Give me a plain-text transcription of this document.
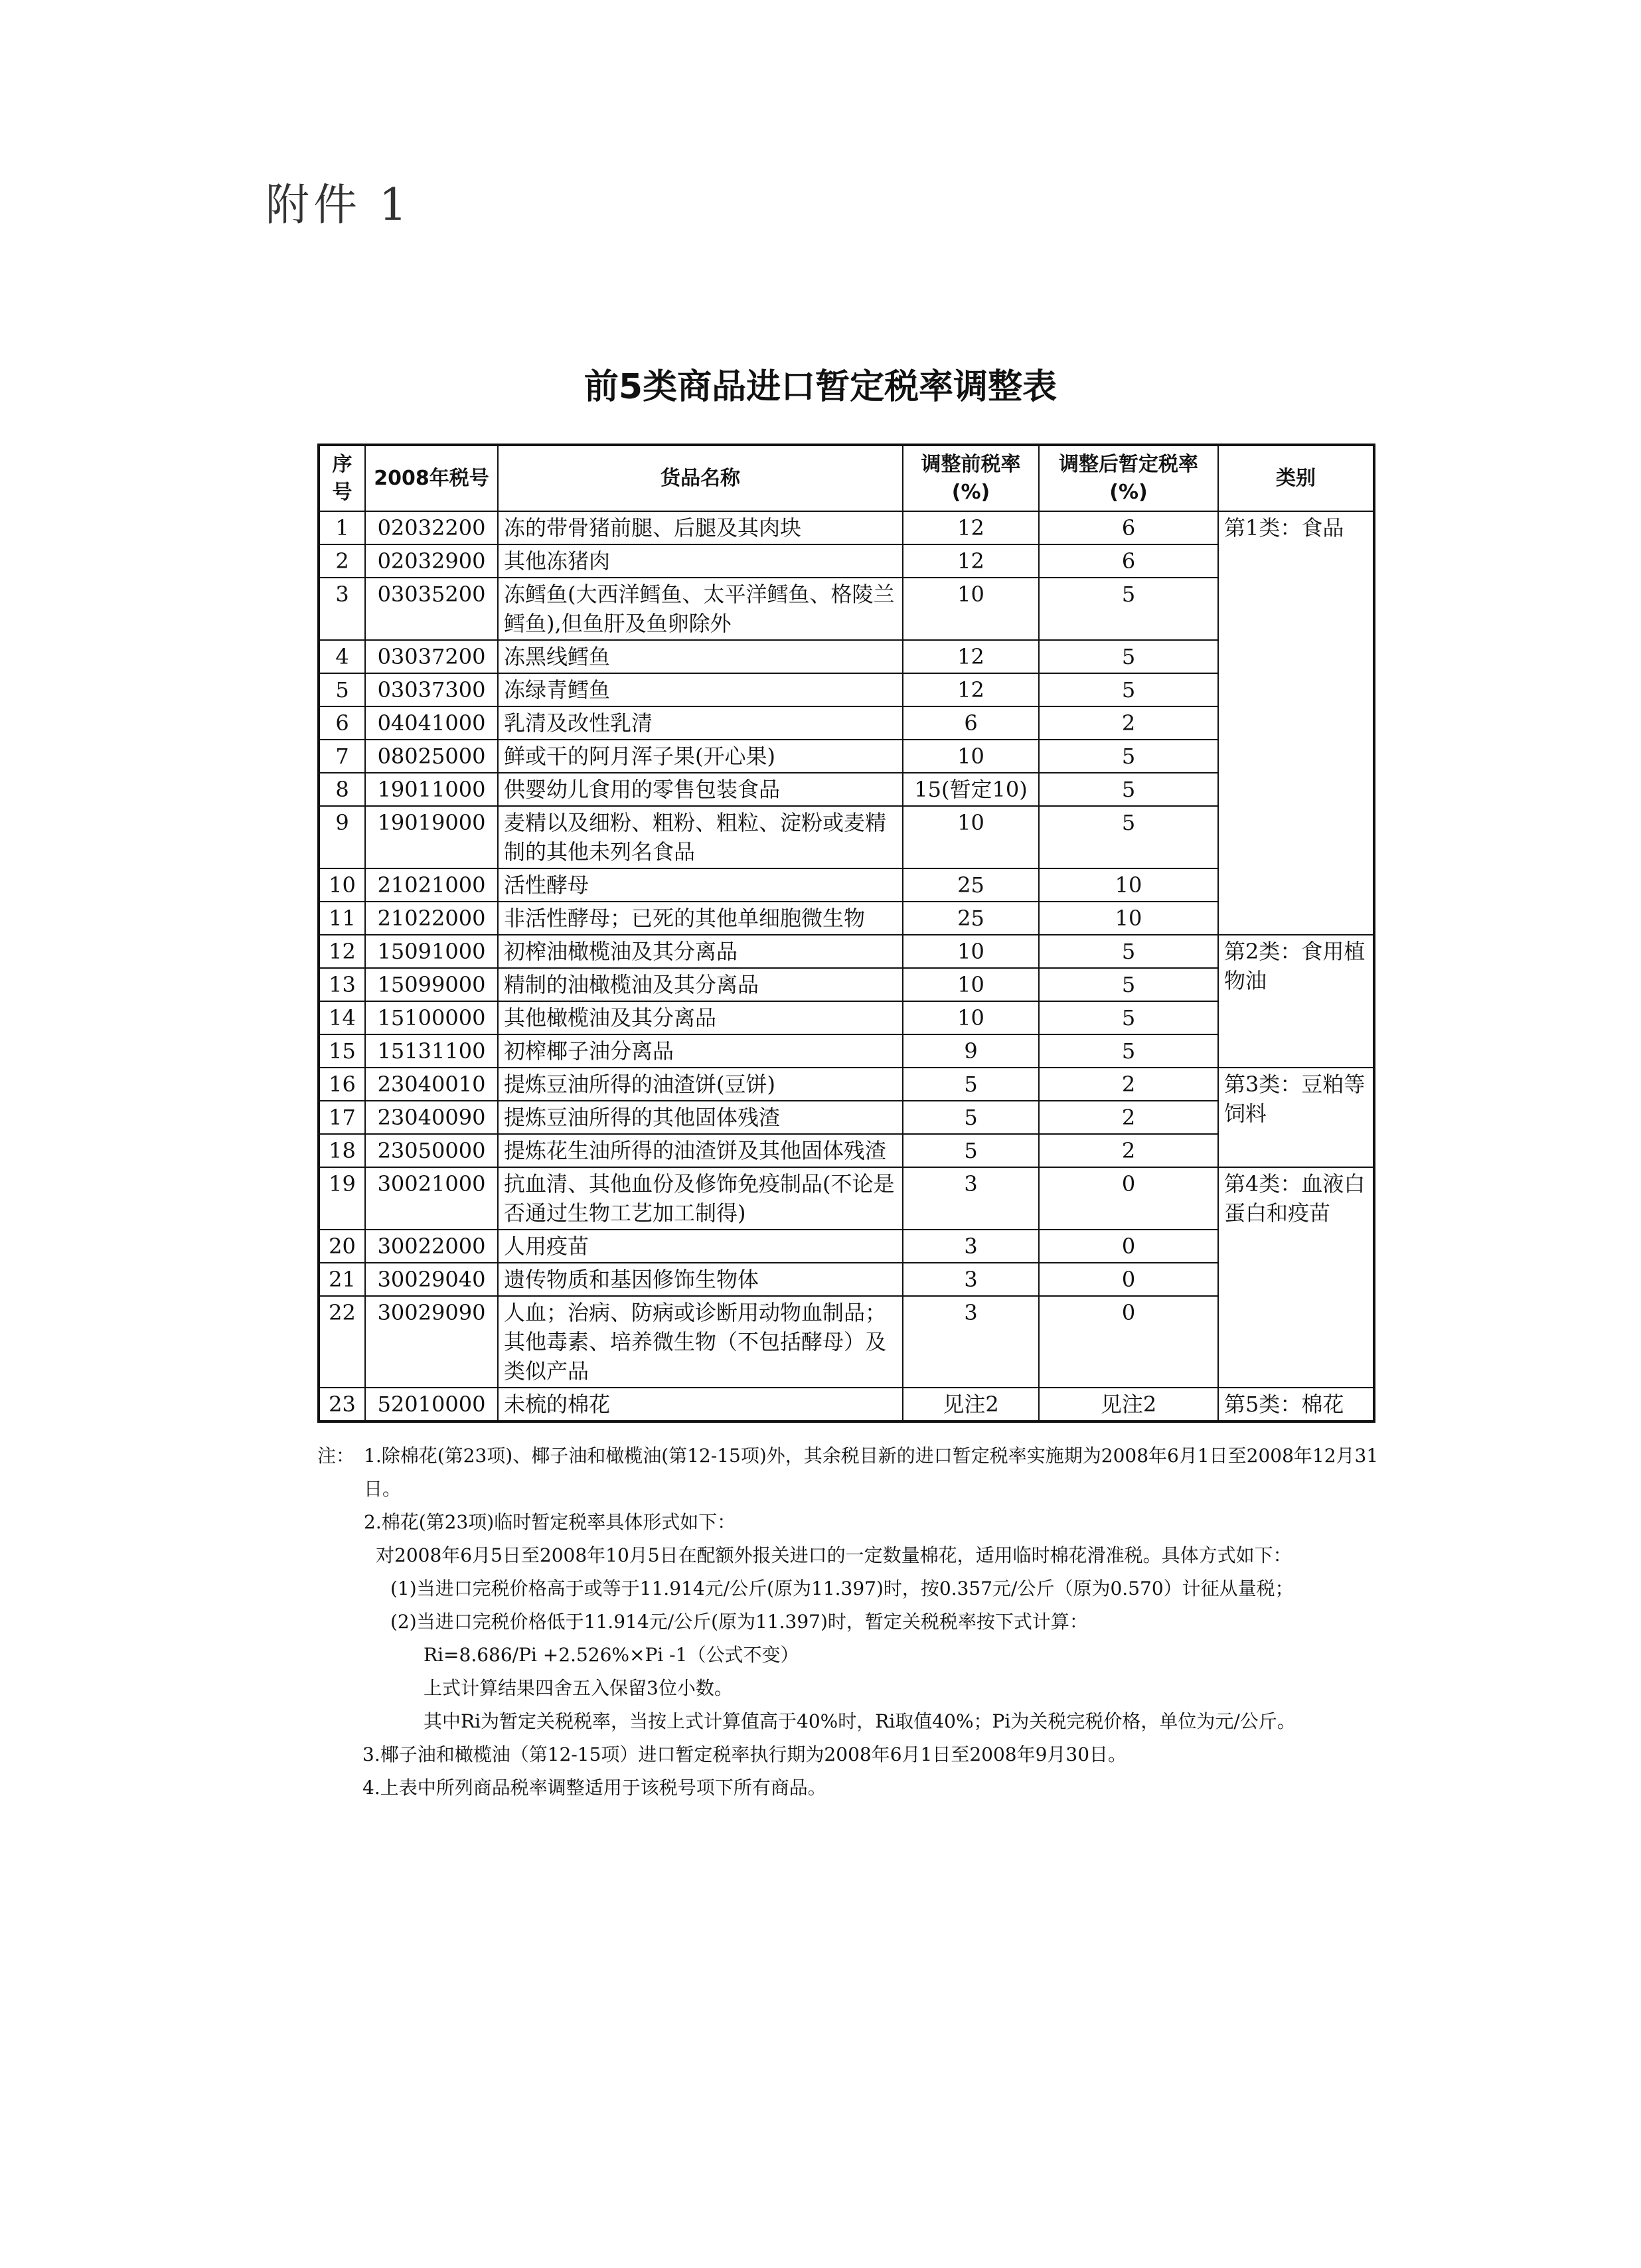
附件 1
前5类商品进口暂定税率调整表
序号	2008年税号	货品名称	调整前税率(%)	调整后暂定税率(%)	类别
1	02032200	冻的带骨猪前腿、后腿及其肉块	12	6	第1类：食品
2	02032900	其他冻猪肉	12	6	
3	03035200	冻鳕鱼(大西洋鳕鱼、太平洋鳕鱼、格陵兰鳕鱼),但鱼肝及鱼卵除外	10	5	
4	03037200	冻黑线鳕鱼	12	5	
5	03037300	冻绿青鳕鱼	12	5	
6	04041000	乳清及改性乳清	6	2	
7	08025000	鲜或干的阿月浑子果(开心果)	10	5	
8	19011000	供婴幼儿食用的零售包装食品	15(暂定10)	5	
9	19019000	麦精以及细粉、粗粉、粗粒、淀粉或麦精制的其他未列名食品	10	5	
10	21021000	活性酵母	25	10	
11	21022000	非活性酵母；已死的其他单细胞微生物	25	10	
12	15091000	初榨油橄榄油及其分离品	10	5	第2类：食用植物油
13	15099000	精制的油橄榄油及其分离品	10	5	
14	15100000	其他橄榄油及其分离品	10	5	
15	15131100	初榨椰子油分离品	9	5	
16	23040010	提炼豆油所得的油渣饼(豆饼)	5	2	第3类：豆粕等饲料
17	23040090	提炼豆油所得的其他固体残渣	5	2	
18	23050000	提炼花生油所得的油渣饼及其他固体残渣	5	2	
19	30021000	抗血清、其他血份及修饰免疫制品(不论是否通过生物工艺加工制得)	3	0	第4类：血液白蛋白和疫苗
20	30022000	人用疫苗	3	0	
21	30029040	遗传物质和基因修饰生物体	3	0	
22	30029090	人血；治病、防病或诊断用动物血制品；其他毒素、培养微生物（不包括酵母）及类似产品	3	0	
23	52010000	未梳的棉花	见注2	见注2	第5类：棉花
注： 1.除棉花(第23项)、椰子油和橄榄油(第12-15项)外，其余税目新的进口暂定税率实施期为2008年6月1日至2008年12月31日。

2.棉花(第23项)临时暂定税率具体形式如下：

对2008年6月5日至2008年10月5日在配额外报关进口的一定数量棉花，适用临时棉花滑准税。具体方式如下：

(1)当进口完税价格高于或等于11.914元/公斤(原为11.397)时，按0.357元/公斤（原为0.570）计征从量税；

(2)当进口完税价格低于11.914元/公斤(原为11.397)时，暂定关税税率按下式计算：

Ri=8.686/Pi +2.526%×Pi -1（公式不变）

上式计算结果四舍五入保留3位小数。

其中Ri为暂定关税税率，当按上式计算值高于40%时，Ri取值40%；Pi为关税完税价格，单位为元/公斤。

3.椰子油和橄榄油（第12-15项）进口暂定税率执行期为2008年6月1日至2008年9月30日。

4.上表中所列商品税率调整适用于该税号项下所有商品。
